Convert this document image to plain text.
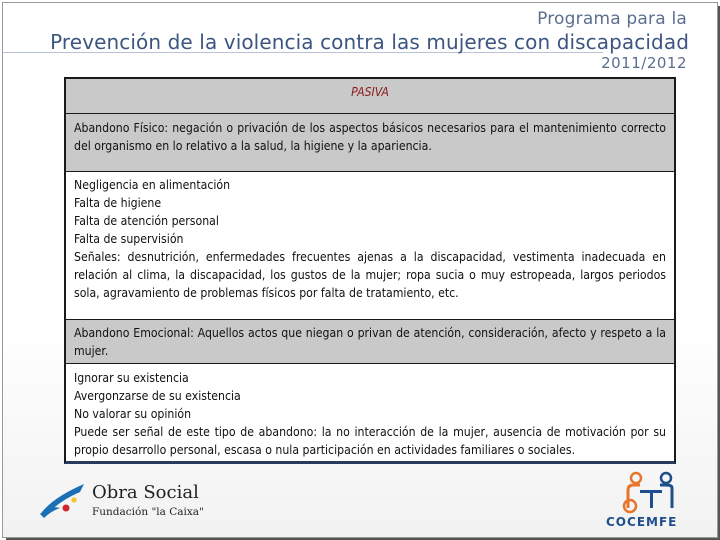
Programa para la
Prevención de la violencia contra las mujeres con discapacidad
2011/2012
PASIVA
Abandono Físico: negación o privación de los aspectos básicos necesarios para el mantenimiento correcto del organismo en lo relativo a la salud, la higiene y la apariencia.
Negligencia en alimentación
Falta de higiene
Falta de atención personal
Falta de supervisión
Señales: desnutrición, enfermedades frecuentes ajenas a la discapacidad, vestimenta inadecuada en relación al clima, la discapacidad, los gustos de la mujer; ropa sucia o muy estropeada, largos periodos sola, agravamiento de problemas físicos por falta de tratamiento, etc.
Abandono Emocional: Aquellos actos que niegan o privan de atención, consideración, afecto y respeto a la mujer.
Ignorar su existencia
Avergonzarse de su existencia
No valorar su opinión
Puede ser señal de este tipo de abandono: la no interacción de la mujer, ausencia de motivación por su propio desarrollo personal, escasa o nula participación en actividades familiares o sociales.
Obra Social
Fundación "la Caixa"
COCEMFE
